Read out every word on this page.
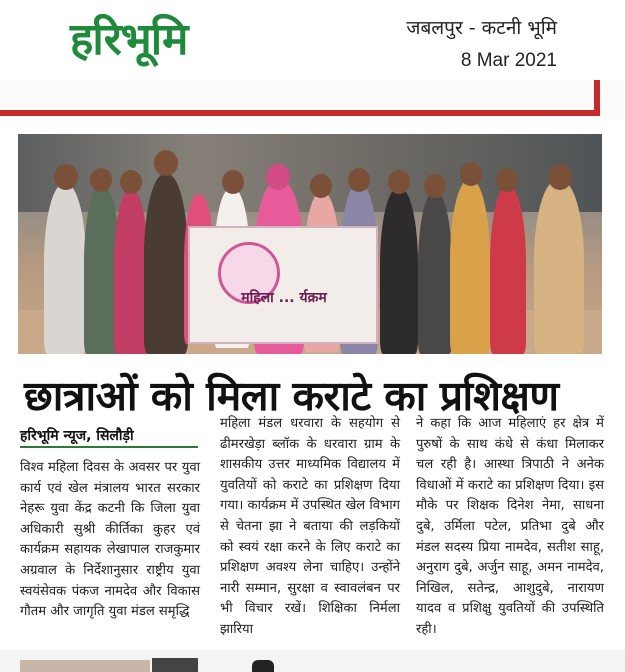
हरिभूमि	जबलपुर - कटनी भूमि
8 Mar 2021
महिला ... र्यक्रम
छात्राओं को मिला कराटे का प्रशिक्षण
हरिभूमि न्यूज, सिलौड़ी
विश्व महिला दिवस के अवसर पर युवा कार्य एवं खेल मंत्रालय भारत सरकार नेहरू युवा केंद्र कटनी कि जिला युवा अधिकारी सुश्री कीर्तिका कुहर एवं कार्यक्रम सहायक लेखापाल राजकुमार अग्रवाल के निर्देशानुसार राष्ट्रीय युवा स्वयंसेवक पंकज नामदेव और विकास गौतम और जागृति युवा मंडल समृद्धि
महिला मंडल धरवारा के सहयोग से ढीमरखेड़ा ब्लॉक के धरवारा ग्राम के शासकीय उत्तर माध्यमिक विद्यालय में युवतियों को कराटे का प्रशिक्षण दिया गया। कार्यक्रम में उपस्थित खेल विभाग से चेतना झा ने बताया की लड़कियों को स्वयं रक्षा करने के लिए कराटे का प्रशिक्षण अवश्य लेना चाहिए। उन्होंने नारी सम्मान, सुरक्षा व स्वावलंबन पर भी विचार रखें। शिक्षिका निर्मला झारिया
ने कहा कि आज महिलाएं हर क्षेत्र में पुरुषों के साथ कंधे से कंधा मिलाकर चल रही है। आस्था त्रिपाठी ने अनेक विधाओं में कराटे का प्रशिक्षण दिया। इस मौके पर शिक्षक दिनेश नेमा, साधना दुबे, उर्मिला पटेल, प्रतिभा दुबे और मंडल सदस्य प्रिया नामदेव, सतीश साहू, अनुराग दुबे, अर्जुन साहू, अमन नामदेव, निखिल, सतेन्द्र, आशुदुबे, नारायण यादव व प्रशिक्षु युवतियों की उपस्थिति रही।
